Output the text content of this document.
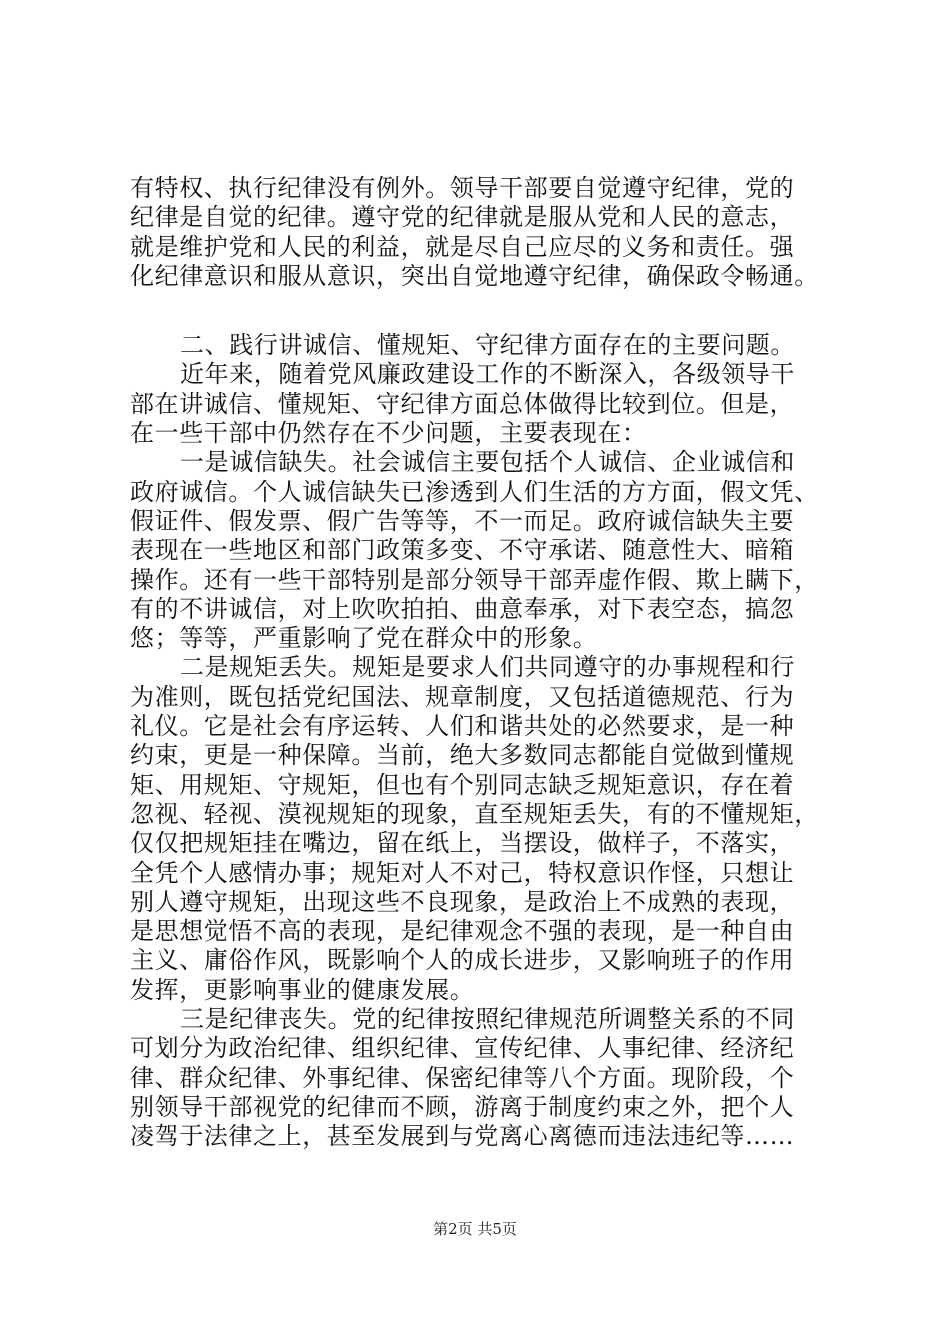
有特权、执行纪律没有例外。领导干部要自觉遵守纪律，党的
纪律是自觉的纪律。遵守党的纪律就是服从党和人民的意志，
就是维护党和人民的利益，就是尽自己应尽的义务和责任。强
化纪律意识和服从意识，突出自觉地遵守纪律，确保政令畅通。
二、践行讲诚信、懂规矩、守纪律方面存在的主要问题。
近年来，随着党风廉政建设工作的不断深入，各级领导干
部在讲诚信、懂规矩、守纪律方面总体做得比较到位。但是，
在一些干部中仍然存在不少问题，主要表现在：
一是诚信缺失。社会诚信主要包括个人诚信、企业诚信和
政府诚信。个人诚信缺失已渗透到人们生活的方方面，假文凭、
假证件、假发票、假广告等等，不一而足。政府诚信缺失主要
表现在一些地区和部门政策多变、不守承诺、随意性大、暗箱
操作。还有一些干部特别是部分领导干部弄虚作假、欺上瞒下，
有的不讲诚信，对上吹吹拍拍、曲意奉承，对下表空态，搞忽
悠；等等，严重影响了党在群众中的形象。
二是规矩丢失。规矩是要求人们共同遵守的办事规程和行
为准则，既包括党纪国法、规章制度，又包括道德规范、行为
礼仪。它是社会有序运转、人们和谐共处的必然要求，是一种
约束，更是一种保障。当前，绝大多数同志都能自觉做到懂规
矩、用规矩、守规矩，但也有个别同志缺乏规矩意识，存在着
忽视、轻视、漠视规矩的现象，直至规矩丢失，有的不懂规矩，
仅仅把规矩挂在嘴边，留在纸上，当摆设，做样子，不落实，
全凭个人感情办事；规矩对人不对己，特权意识作怪，只想让
别人遵守规矩，出现这些不良现象，是政治上不成熟的表现，
是思想觉悟不高的表现，是纪律观念不强的表现，是一种自由
主义、庸俗作风，既影响个人的成长进步，又影响班子的作用
发挥，更影响事业的健康发展。
三是纪律丧失。党的纪律按照纪律规范所调整关系的不同
可划分为政治纪律、组织纪律、宣传纪律、人事纪律、经济纪
律、群众纪律、外事纪律、保密纪律等八个方面。现阶段，个
别领导干部视党的纪律而不顾，游离于制度约束之外，把个人
凌驾于法律之上，甚至发展到与党离心离德而违法违纪等……
第2页 共5页
